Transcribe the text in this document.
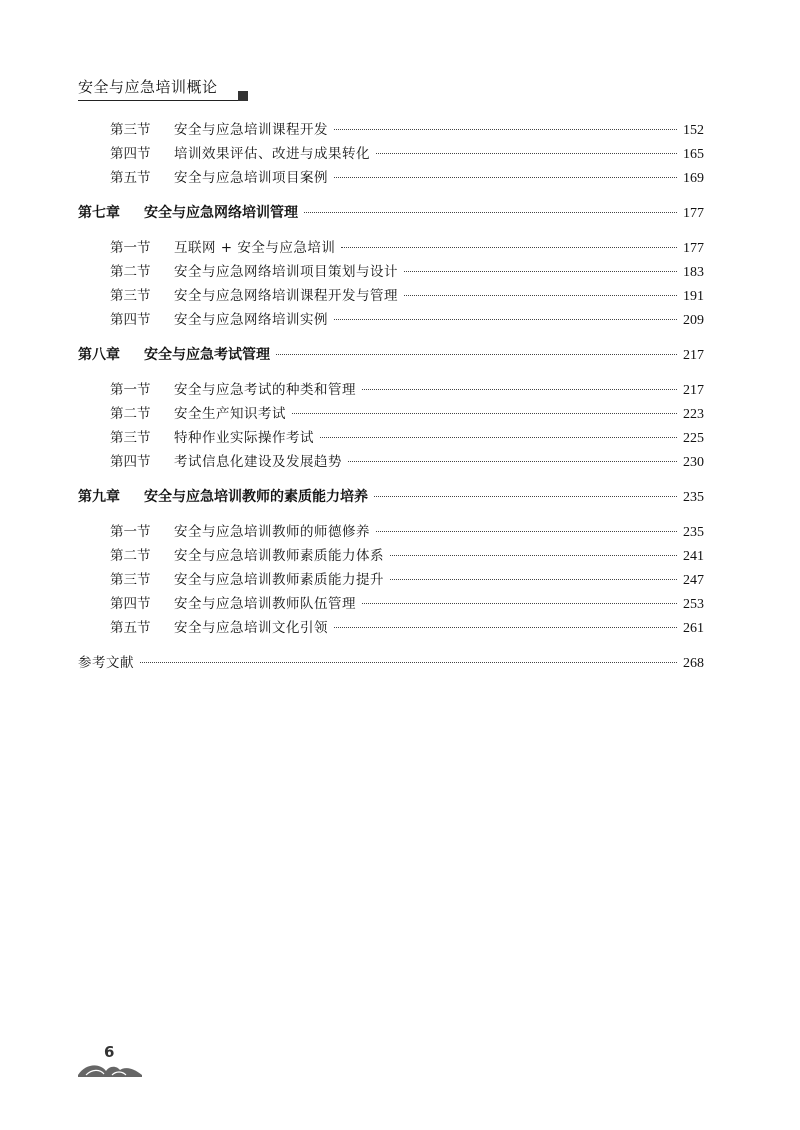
安全与应急培训概论
第三节	安全与应急培训课程开发	152
第四节	培训效果评估、改进与成果转化	165
第五节	安全与应急培训项目案例	169
第七章	安全与应急网络培训管理	177
第一节	互联网 + 安全与应急培训	177
第二节	安全与应急网络培训项目策划与设计	183
第三节	安全与应急网络培训课程开发与管理	191
第四节	安全与应急网络培训实例	209
第八章	安全与应急考试管理	217
第一节	安全与应急考试的种类和管理	217
第二节	安全生产知识考试	223
第三节	特种作业实际操作考试	225
第四节	考试信息化建设及发展趋势	230
第九章	安全与应急培训教师的素质能力培养	235
第一节	安全与应急培训教师的师德修养	235
第二节	安全与应急培训教师素质能力体系	241
第三节	安全与应急培训教师素质能力提升	247
第四节	安全与应急培训教师队伍管理	253
第五节	安全与应急培训文化引领	261
参考文献	268
6
